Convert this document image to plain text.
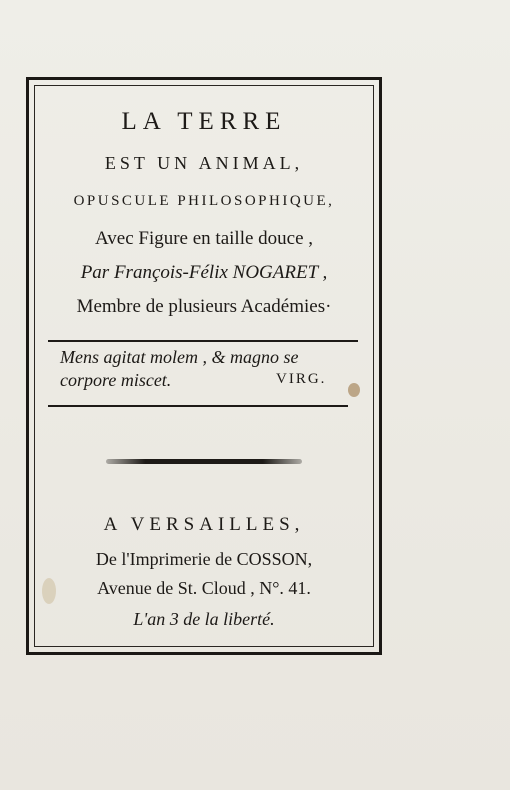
LA TERRE
EST UN ANIMAL,
OPUSCULE PHILOSOPHIQUE,
Avec Figure en taille douce ,
Par François-Félix NOGARET ,
Membre de plusieurs Académies·
Mens agitat molem , & magno se
corpore miscet.	VIRG.
A VERSAILLES,
De l'Imprimerie de COSSON,
Avenue de St. Cloud , N°. 41.
L'an 3 de la liberté.
